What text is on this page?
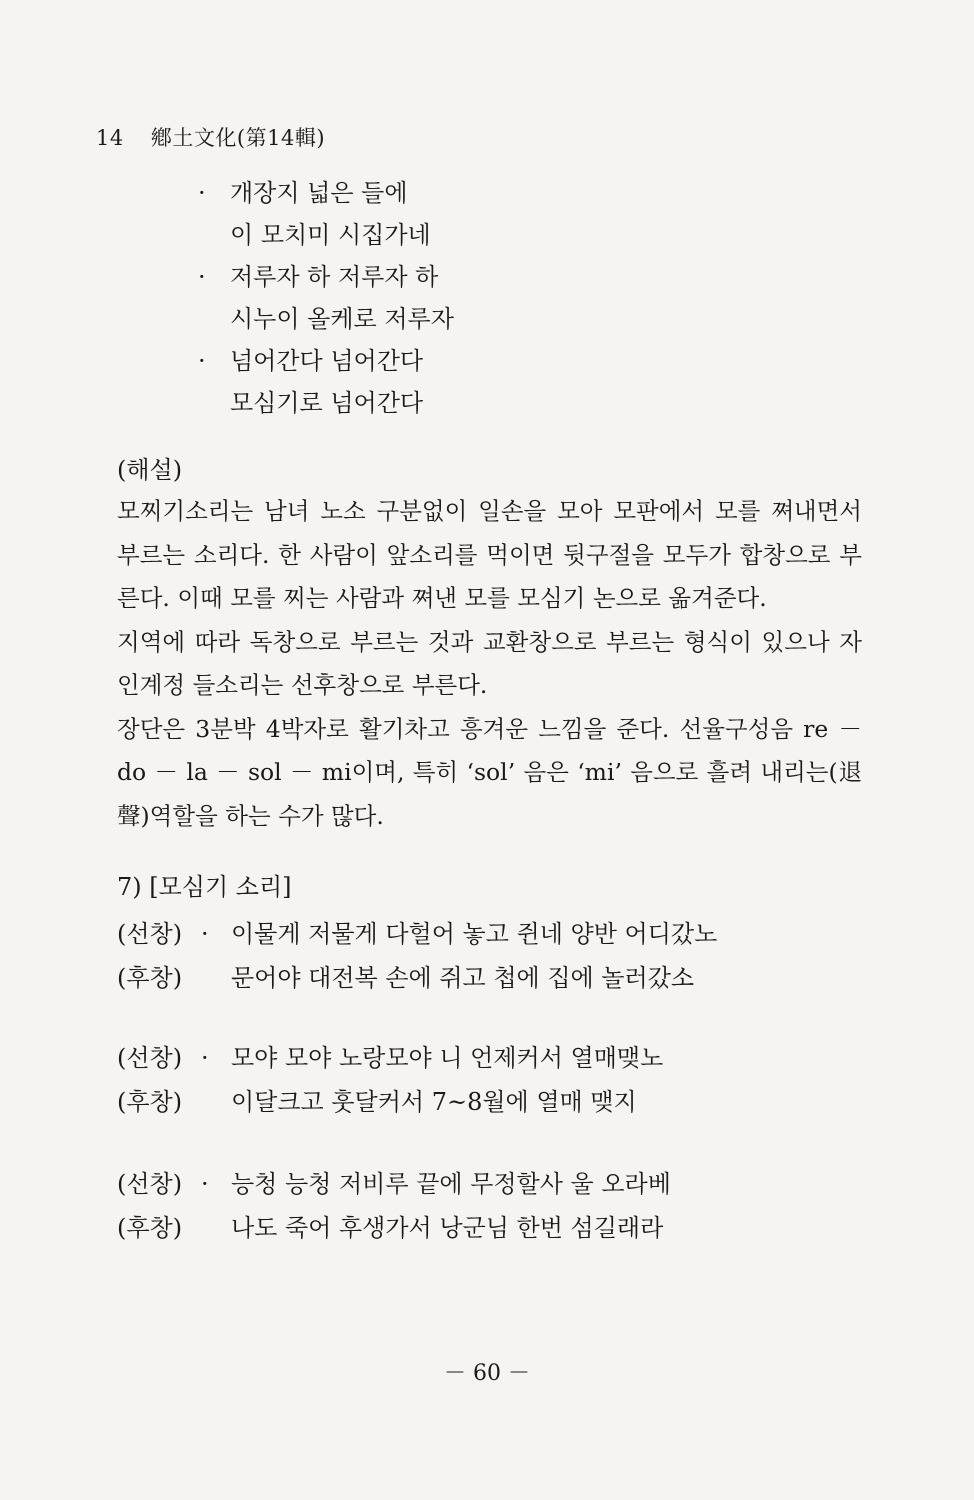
14 鄕土文化(第14輯)
· 개장지 넓은 들에
이 모치미 시집가네
· 저루자 하 저루자 하
시누이 올케로 저루자
· 넘어간다 넘어간다
모심기로 넘어간다
(해설)

모찌기소리는 남녀 노소 구분없이 일손을 모아 모판에서 모를 쪄내면서 부르는 소리다. 한 사람이 앞소리를 먹이면 뒷구절을 모두가 합창으로 부른다. 이때 모를 찌는 사람과 쪄낸 모를 모심기 논으로 옮겨준다.

지역에 따라 독창으로 부르는 것과 교환창으로 부르는 형식이 있으나 자인계정 들소리는 선후창으로 부른다.

장단은 3분박 4박자로 활기차고 흥겨운 느낌을 준다. 선율구성음 re － do － la － sol － mi이며, 특히 ‘sol’ 음은 ‘mi’ 음으로 흘려 내리는(退聲)역할을 하는 수가 많다.

7) [모심기 소리]
(선창) · 이물게 저물게 다헐어 놓고 쥔네 양반 어디갔노
(후창) 문어야 대전복 손에 쥐고 첩에 집에 놀러갔소
(선창) · 모야 모야 노랑모야 니 언제커서 열매맺노
(후창) 이달크고 훗달커서 7~8월에 열매 맺지
(선창) · 능청 능청 저비루 끝에 무정할사 울 오라베
(후창) 나도 죽어 후생가서 낭군님 한번 섬길래라
－ 60 －
